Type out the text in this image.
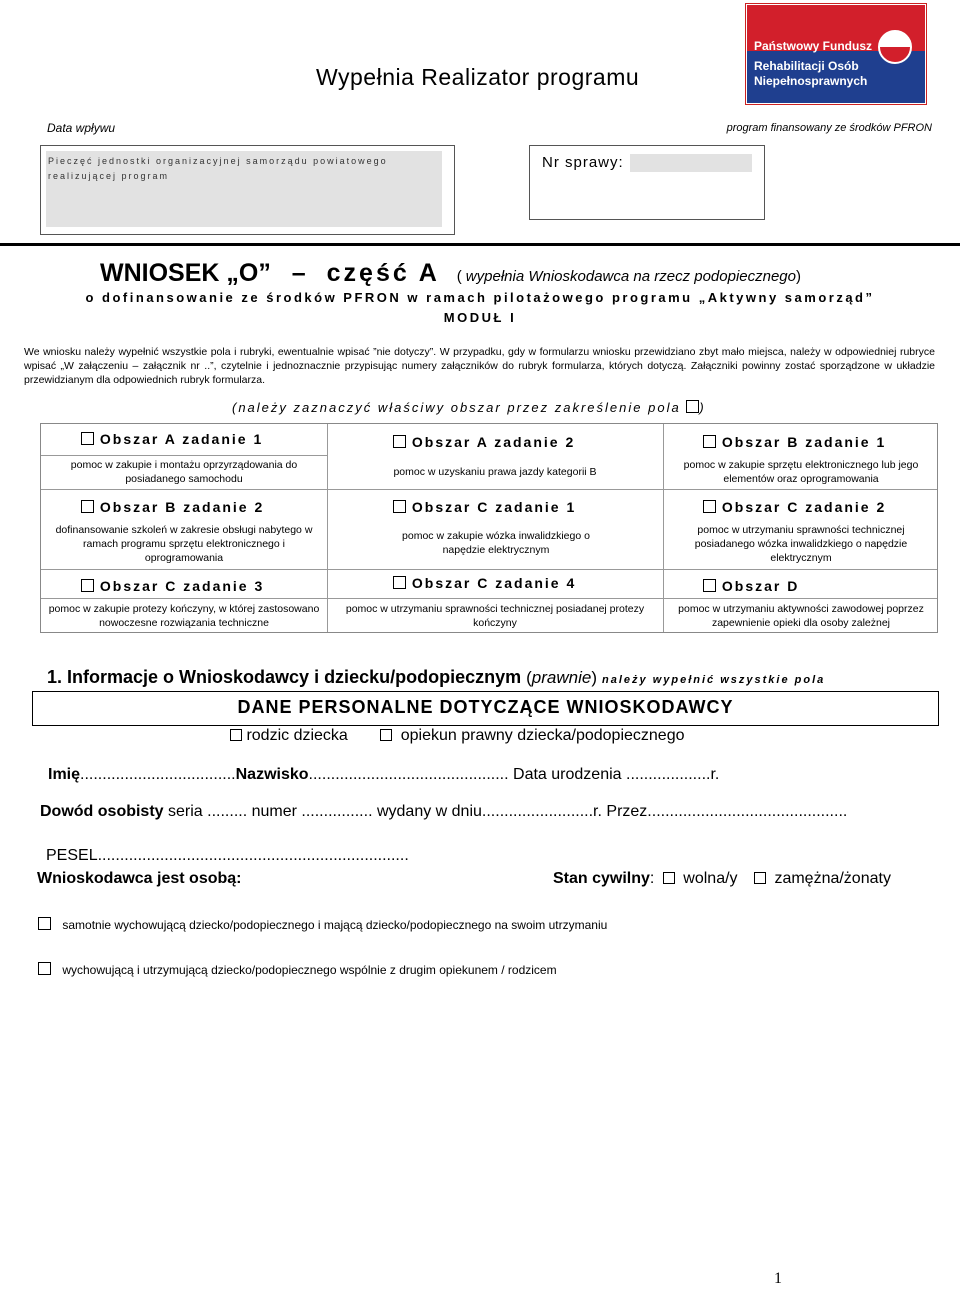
Wypełnia Realizator programu
Państwowy Fundusz
Rehabilitacji Osób
Niepełnosprawnych
Data wpływu	program finansowany ze środków PFRON
Pieczęć jednostki organizacyjnej samorządu powiatowego realizującej program
Nr sprawy:
WNIOSEK „O” – część A ( wypełnia Wnioskodawca na rzecz podopiecznego)
o dofinansowanie ze środków PFRON w ramach pilotażowego programu „Aktywny samorząd”
MODUŁ I
We wniosku należy wypełnić wszystkie pola i rubryki, ewentualnie wpisać ”nie dotyczy”. W przypadku, gdy w formularzu wniosku przewidziano zbyt mało miejsca, należy w odpowiedniej rubryce wpisać „W załączeniu – załącznik nr ..”, czytelnie i jednoznacznie przypisując numery załączników do rubryk formularza, których dotyczą. Załączniki powinny zostać sporządzone w układzie przewidzianym dla odpowiednich rubryk formularza.
(należy zaznaczyć właściwy obszar przez zakreślenie pola )
Obszar A zadanie 1	Obszar A zadanie 2	Obszar B zadanie 1
pomoc w zakupie i montażu oprzyrządowania do posiadanego samochodu
pomoc w uzyskaniu prawa jazdy kategorii B
pomoc w zakupie sprzętu elektronicznego lub jego elementów oraz oprogramowania
Obszar B zadanie 2	Obszar C zadanie 1	Obszar C zadanie 2
dofinansowanie szkoleń w zakresie obsługi nabytego w ramach programu sprzętu elektronicznego i oprogramowania
pomoc w zakupie wózka inwalidzkiego o napędzie elektrycznym
pomoc w utrzymaniu sprawności technicznej posiadanego wózka inwalidzkiego o napędzie elektrycznym
Obszar C zadanie 3	Obszar C zadanie 4	Obszar D
pomoc w zakupie protezy kończyny, w której zastosowano nowoczesne rozwiązania techniczne
pomoc w utrzymaniu sprawności technicznej posiadanej protezy kończyny
pomoc w utrzymaniu aktywności zawodowej poprzez zapewnienie opieki dla osoby zależnej
1. Informacje o Wnioskodawcy i dziecku/podopiecznym (prawnie) należy wypełnić wszystkie pola
DANE PERSONALNE DOTYCZĄCE WNIOSKODAWCY
rodzic dziecka	opiekun prawny dziecka/podopiecznego
Imię...................................Nazwisko............................................. Data urodzenia ...................r.
Dowód osobisty seria ......... numer ................ wydany w dniu.........................r. Przez.............................................
PESEL......................................................................
Wnioskodawca jest osobą:	Stan cywilny: wolna/y zamężna/żonaty
samotnie wychowującą dziecko/podopiecznego i mającą dziecko/podopiecznego na swoim utrzymaniu
wychowującą i utrzymującą dziecko/podopiecznego wspólnie z drugim opiekunem / rodzicem
1
